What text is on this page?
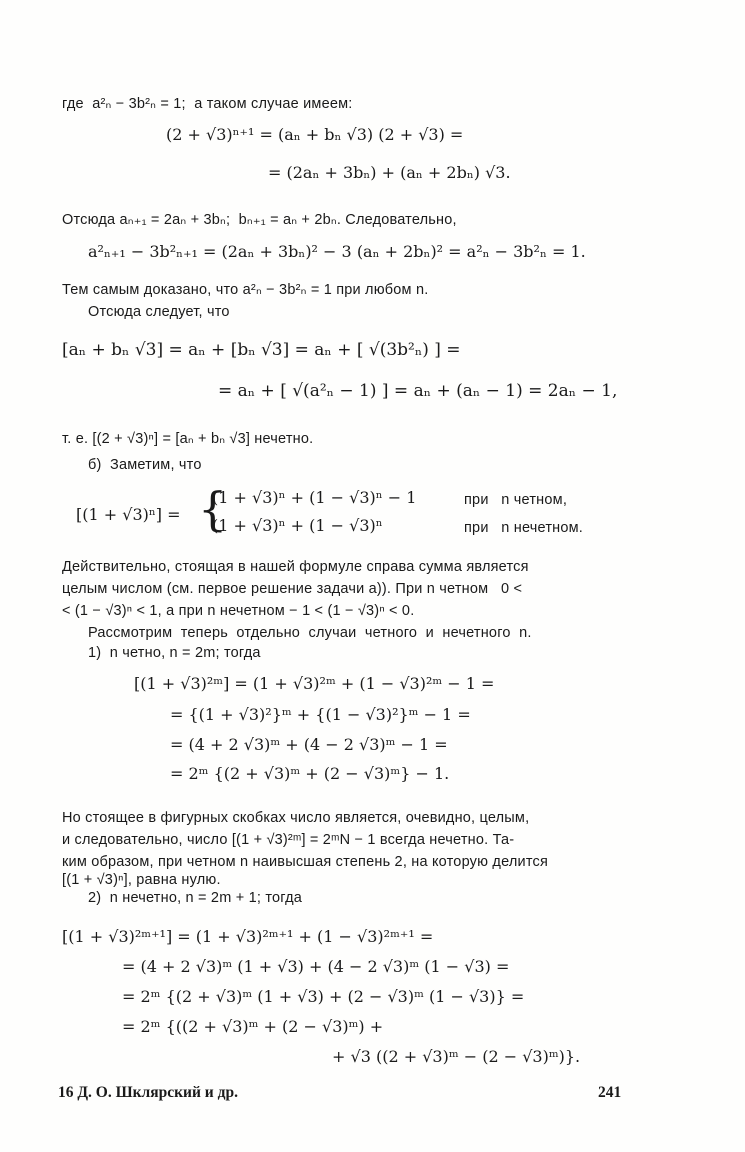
где  a²ₙ − 3b²ₙ = 1;  а таком случае имеем:
(2 + √3)ⁿ⁺¹ = (aₙ + bₙ √3) (2 + √3) =
= (2aₙ + 3bₙ) + (aₙ + 2bₙ) √3.
Отсюда aₙ₊₁ = 2aₙ + 3bₙ;  bₙ₊₁ = aₙ + 2bₙ. Следовательно,
a²ₙ₊₁ − 3b²ₙ₊₁ = (2aₙ + 3bₙ)² − 3 (aₙ + 2bₙ)² = a²ₙ − 3b²ₙ = 1.
Тем самым доказано, что a²ₙ − 3b²ₙ = 1 при любом n.
Отсюда следует, что
[aₙ + bₙ √3] = aₙ + [bₙ √3] = aₙ + [ √(3b²ₙ) ] =
= aₙ + [ √(a²ₙ − 1) ] = aₙ + (aₙ − 1) = 2aₙ − 1,
т. е. [(2 + √3)ⁿ] = [aₙ + bₙ √3] нечетно.
б)  Заметим, что
[(1 + √3)ⁿ] = {
(1 + √3)ⁿ + (1 − √3)ⁿ − 1	при   n четном,
(1 + √3)ⁿ + (1 − √3)ⁿ	при   n нечетном.
Действительно, стоящая в нашей формуле справа сумма является
целым числом (см. первое решение задачи а)). При n четном   0 <
< (1 − √3)ⁿ < 1, а при n нечетном − 1 < (1 − √3)ⁿ < 0.
Рассмотрим  теперь  отдельно  случаи  четного  и  нечетного  n.
1)  n четно, n = 2m; тогда
[(1 + √3)²ᵐ] = (1 + √3)²ᵐ + (1 − √3)²ᵐ − 1 =
= {(1 + √3)²}ᵐ + {(1 − √3)²}ᵐ − 1 =
= (4 + 2 √3)ᵐ + (4 − 2 √3)ᵐ − 1 =
= 2ᵐ {(2 + √3)ᵐ + (2 − √3)ᵐ} − 1.
Но стоящее в фигурных скобках число является, очевидно, целым,
и следовательно, число [(1 + √3)²ᵐ] = 2ᵐN − 1 всегда нечетно. Та-
ким образом, при четном n наивысшая степень 2, на которую делится
[(1 + √3)ⁿ], равна нулю.
2)  n нечетно, n = 2m + 1; тогда
[(1 + √3)²ᵐ⁺¹] = (1 + √3)²ᵐ⁺¹ + (1 − √3)²ᵐ⁺¹ =
= (4 + 2 √3)ᵐ (1 + √3) + (4 − 2 √3)ᵐ (1 − √3) =
= 2ᵐ {(2 + √3)ᵐ (1 + √3) + (2 − √3)ᵐ (1 − √3)} =
= 2ᵐ {((2 + √3)ᵐ + (2 − √3)ᵐ) +
+ √3 ((2 + √3)ᵐ − (2 − √3)ᵐ)}.
16 Д. О. Шклярский и др.	241
